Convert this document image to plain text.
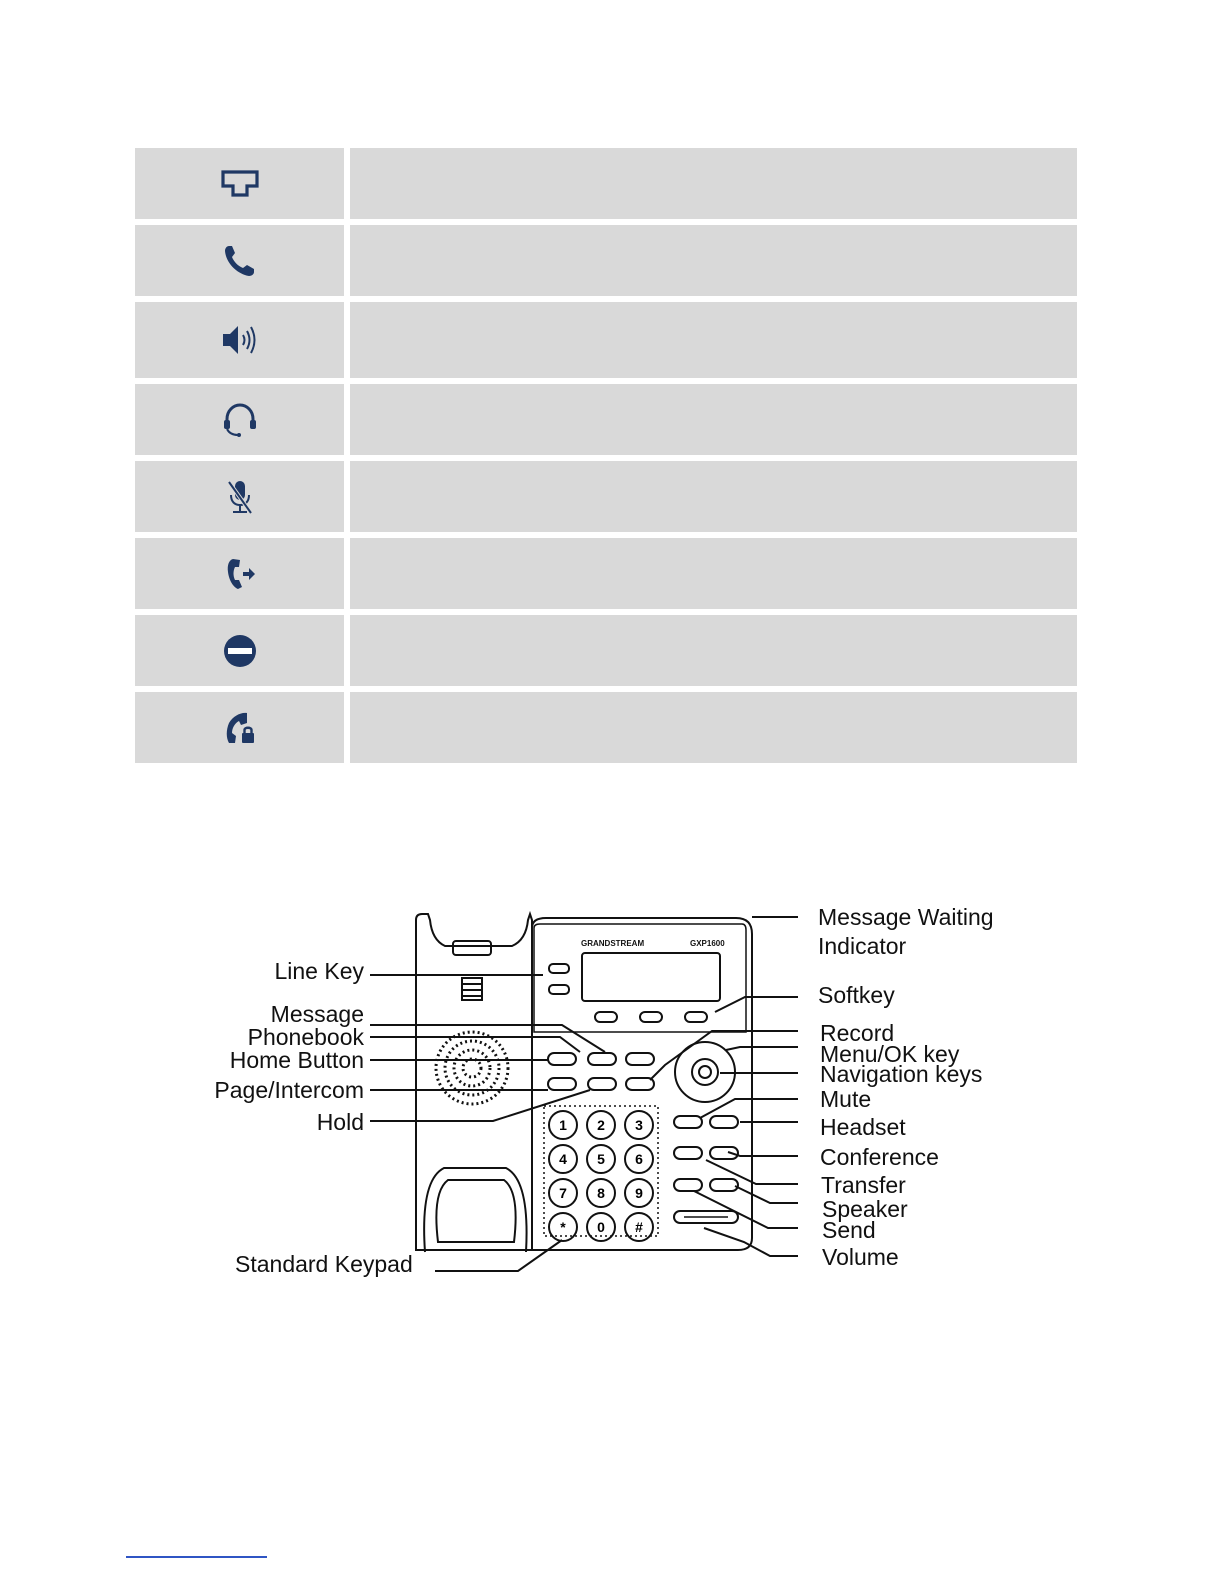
GRANDSTREAM	GXP1600
1	2	3
4	5	6
7	8	9
*	0	#
Line Key
Message
Phonebook
Home Button
Page/Intercom
Hold
Standard Keypad
Message Waiting
Indicator
Softkey
Record
Menu/OK key
Navigation keys
Mute
Headset
Conference
Transfer
Speaker
Send
Volume
